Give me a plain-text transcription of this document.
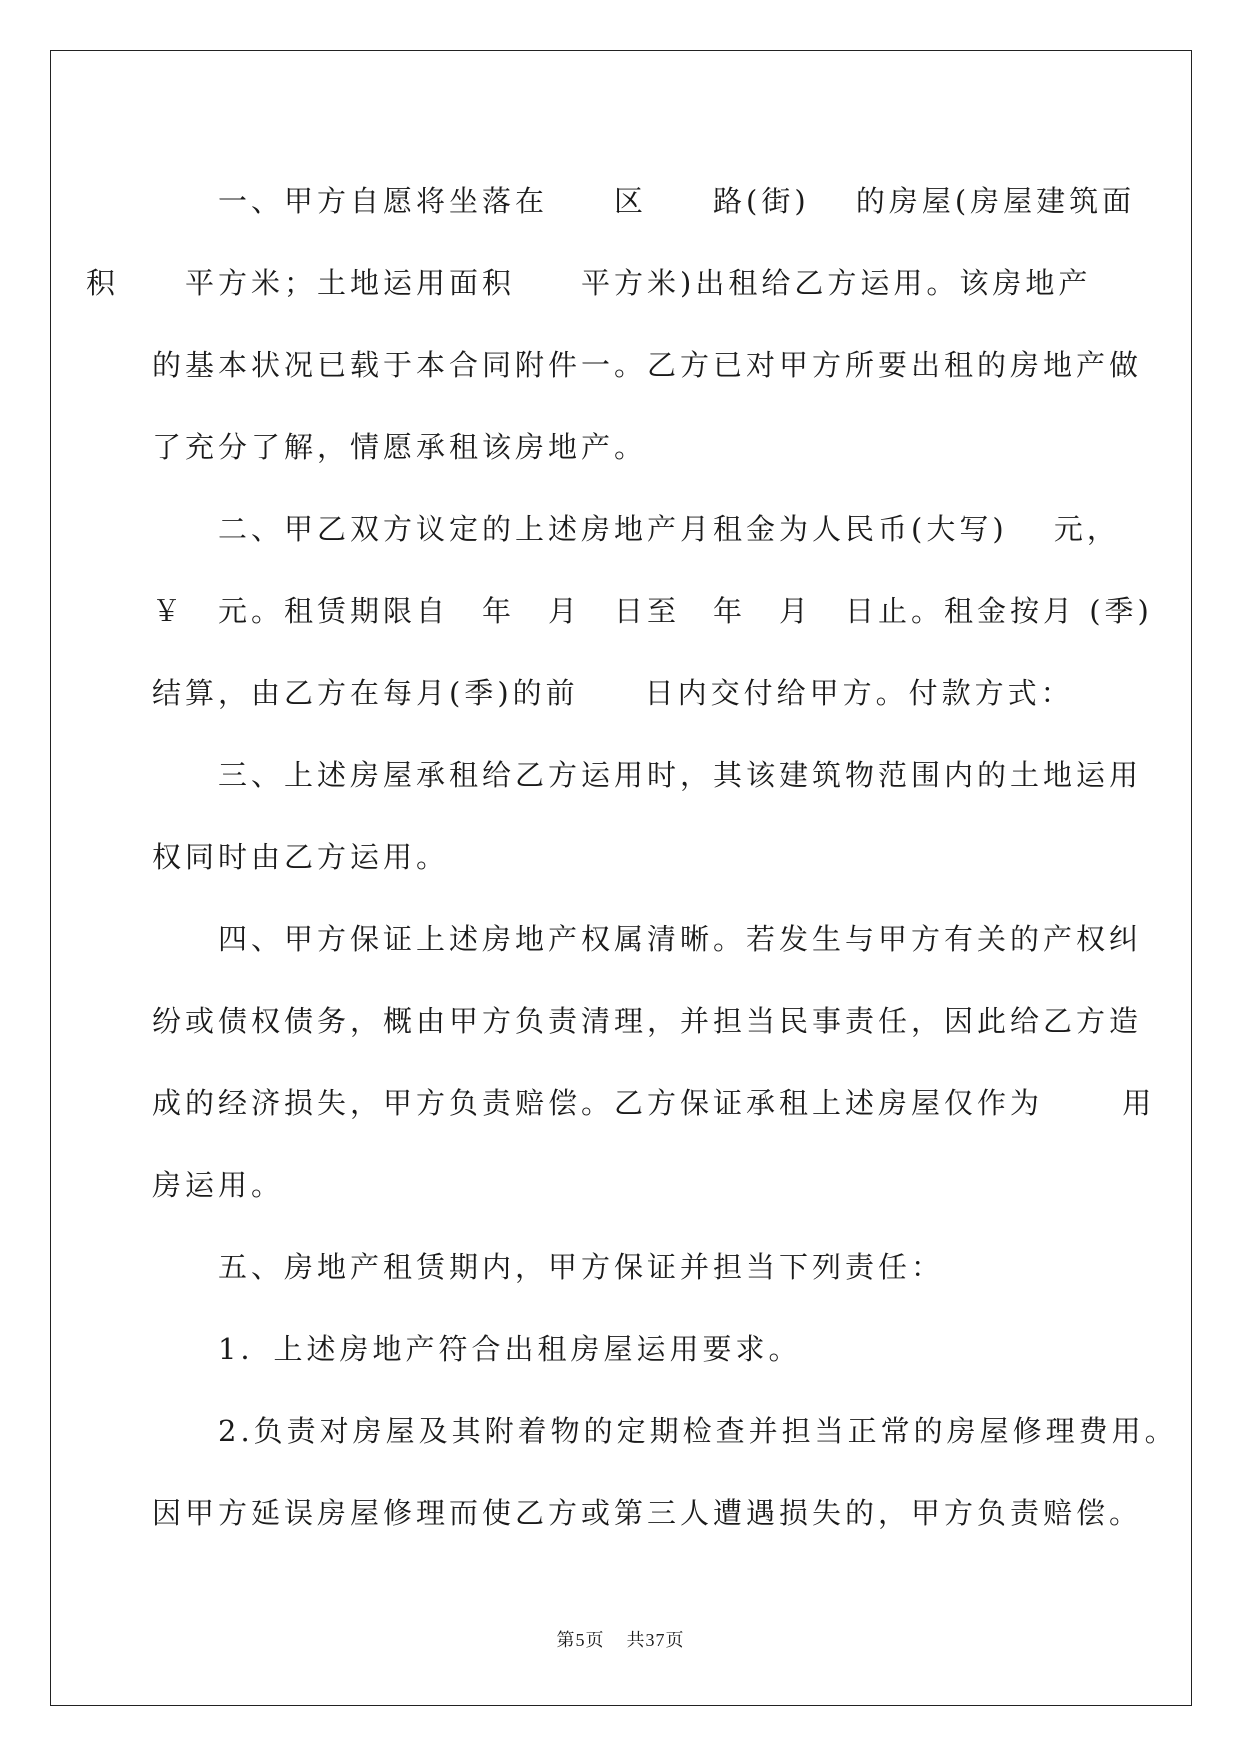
一、甲方自愿将坐落在　　区　　路(街)　 的房屋(房屋建筑面
积　　平方米；土地运用面积　　平方米)出租给乙方运用。该房地产
的基本状况已载于本合同附件一。乙方已对甲方所要出租的房地产做
了充分了解，情愿承租该房地产。

二、甲乙双方议定的上述房地产月租金为人民币(大写)　 元，
￥　元。租赁期限自　年　月　日至　年　月　日止。租金按月 (季)
结算，由乙方在每月(季)的前　　日内交付给甲方。付款方式：

三、上述房屋承租给乙方运用时，其该建筑物范围内的土地运用
权同时由乙方运用。

四、甲方保证上述房地产权属清晰。若发生与甲方有关的产权纠
纷或债权债务，概由甲方负责清理，并担当民事责任，因此给乙方造
成的经济损失，甲方负责赔偿。乙方保证承租上述房屋仅作为　　 用
房运用。

五、房地产租赁期内，甲方保证并担当下列责任：

1．上述房地产符合出租房屋运用要求。

2.负责对房屋及其附着物的定期检查并担当正常的房屋修理费用。
因甲方延误房屋修理而使乙方或第三人遭遇损失的，甲方负责赔偿。

第5页 共37页
